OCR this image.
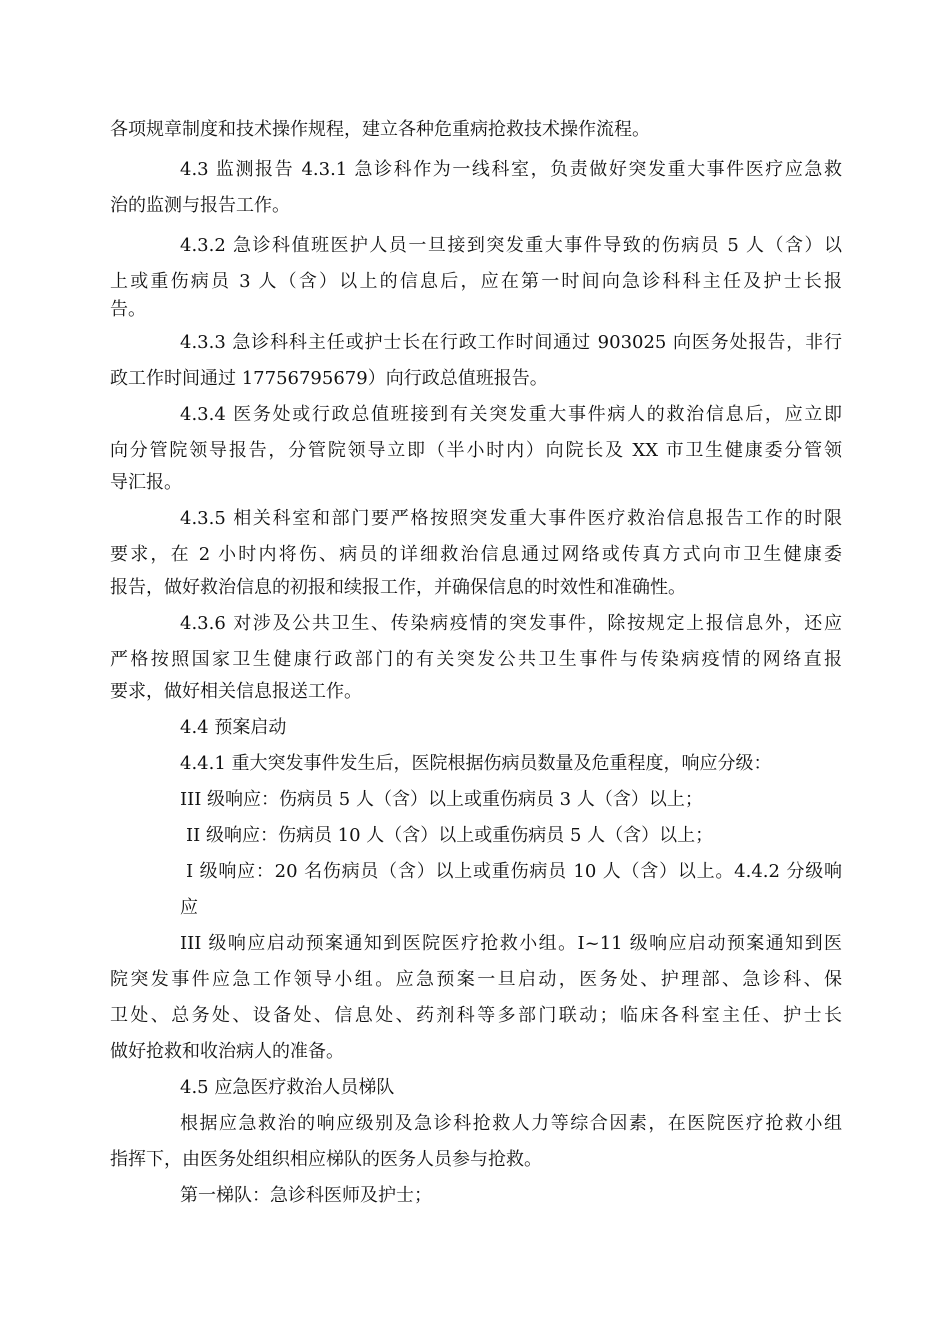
各项规章制度和技术操作规程，建立各种危重病抢救技术操作流程。

4.3 监测报告 4.3.1 急诊科作为一线科室，负责做好突发重大事件医疗应急救

治的监测与报告工作。

4.3.2 急诊科值班医护人员一旦接到突发重大事件导致的伤病员 5 人（含）以

上或重伤病员 3 人（含）以上的信息后，应在第一时间向急诊科科主任及护士长报

告。

4.3.3 急诊科科主任或护士长在行政工作时间通过 903025 向医务处报告，非行

政工作时间通过 17756795679）向行政总值班报告。

4.3.4 医务处或行政总值班接到有关突发重大事件病人的救治信息后，应立即

向分管院领导报告，分管院领导立即（半小时内）向院长及 XX 市卫生健康委分管领

导汇报。

4.3.5 相关科室和部门要严格按照突发重大事件医疗救治信息报告工作的时限

要求，在 2 小时内将伤、病员的详细救治信息通过网络或传真方式向市卫生健康委

报告，做好救治信息的初报和续报工作，并确保信息的时效性和准确性。

4.3.6 对涉及公共卫生、传染病疫情的突发事件，除按规定上报信息外，还应

严格按照国家卫生健康行政部门的有关突发公共卫生事件与传染病疫情的网络直报

要求，做好相关信息报送工作。

4.4 预案启动

4.4.1 重大突发事件发生后，医院根据伤病员数量及危重程度，响应分级：

III 级响应：伤病员 5 人（含）以上或重伤病员 3 人（含）以上；

II 级响应：伤病员 10 人（含）以上或重伤病员 5 人（含）以上；

I 级响应：20 名伤病员（含）以上或重伤病员 10 人（含）以上。4.4.2 分级响

应

III 级响应启动预案通知到医院医疗抢救小组。I~11 级响应启动预案通知到医

院突发事件应急工作领导小组。应急预案一旦启动，医务处、护理部、急诊科、保

卫处、总务处、设备处、信息处、药剂科等多部门联动；临床各科室主任、护士长

做好抢救和收治病人的准备。

4.5 应急医疗救治人员梯队

根据应急救治的响应级别及急诊科抢救人力等综合因素，在医院医疗抢救小组

指挥下，由医务处组织相应梯队的医务人员参与抢救。

第一梯队：急诊科医师及护士；
